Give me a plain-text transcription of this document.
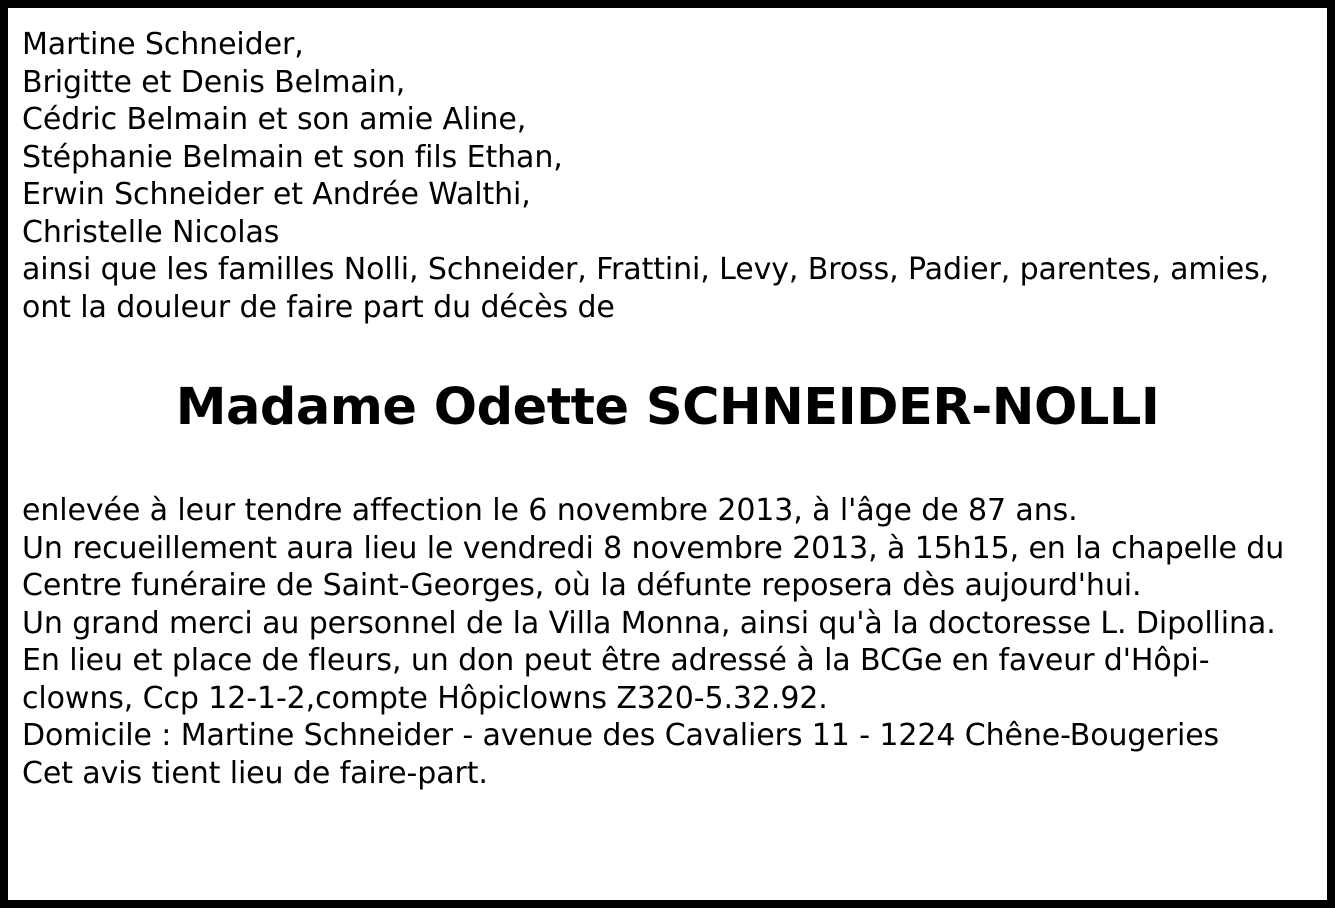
Martine Schneider,
Brigitte et Denis Belmain,
Cédric Belmain et son amie Aline,
Stéphanie Belmain et son fils Ethan,
Erwin Schneider et Andrée Walthi,
Christelle Nicolas
ainsi que les familles Nolli, Schneider, Frattini, Levy, Bross, Padier, parentes, amies,
ont la douleur de faire part du décès de
Madame Odette SCHNEIDER-NOLLI
enlevée à leur tendre affection le 6 novembre 2013, à l'âge de 87 ans.
Un recueillement aura lieu le vendredi 8 novembre 2013, à 15h15, en la chapelle du
Centre funéraire de Saint-Georges, où la défunte reposera dès aujourd'hui.
Un grand merci au personnel de la Villa Monna, ainsi qu'à la doctoresse L. Dipollina.
En lieu et place de fleurs, un don peut être adressé à la BCGe en faveur d'Hôpi-
clowns, Ccp 12-1-2,compte Hôpiclowns Z320-5.32.92.
Domicile : Martine Schneider - avenue des Cavaliers 11 - 1224 Chêne-Bougeries
Cet avis tient lieu de faire-part.
